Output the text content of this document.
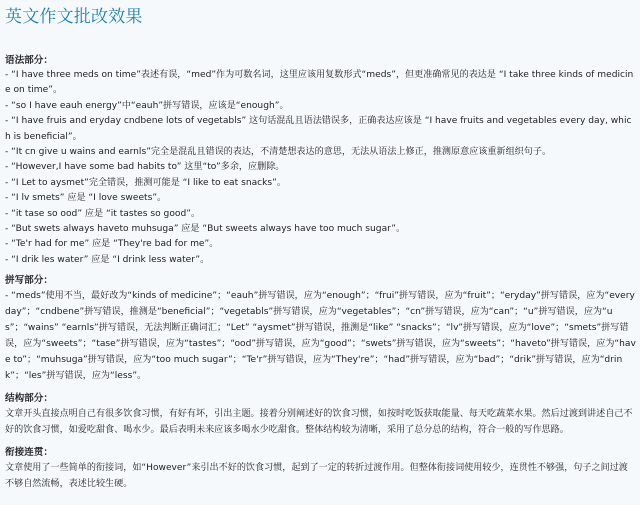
英文作文批改效果

语法部分：

- “I have three meds on time”表述有误，“med”作为可数名词，这里应该用复数形式“meds”，但更准确常见的表达是 “I take three kinds of medicine on time”。
- “so I have eauh energy”中“eauh”拼写错误，应该是“enough”。
- “I have fruis and eryday cndbene lots of vegetabls” 这句话混乱且语法错误多，正确表达应该是 “I have fruits and vegetables every day, which is beneficial”。
- “It cn give u wains and earnls”完全是混乱且错误的表达，不清楚想表达的意思，无法从语法上修正，推测原意应该重新组织句子。
- “However,I have some bad habits to” 这里“to”多余，应删除。
- “I Let to aysmet”完全错误，推测可能是 “I like to eat snacks”。
- “I lv smets” 应是 “I love sweets”。
- “it tase so ood” 应是 “it tastes so good”。
- “But swets always haveto muhsuga” 应是 “But sweets always have too much sugar”。
- “Te'r had for me” 应是 “They're bad for me”。
- “I drik les water” 应是 “I drink less water”。

拼写部分：

- “meds”使用不当，最好改为“kinds of medicine”；“eauh”拼写错误，应为“enough”；“frui”拼写错误，应为“fruit”；“eryday”拼写错误，应为“every day”；“cndbene”拼写错误，推测是“beneficial”；“vegetabls”拼写错误，应为“vegetables”；“cn”拼写错误，应为“can”；“u”拼写错误，应为“us”；“wains” “earnls”拼写错误，无法判断正确词汇；“Let” “aysmet”拼写错误，推测是“like” “snacks”；“lv”拼写错误，应为“love”；“smets”拼写错误，应为“sweets”；“tase”拼写错误，应为“tastes”；“ood”拼写错误，应为“good”；“swets”拼写错误，应为“sweets”；“haveto”拼写错误，应为“have to”；“muhsuga”拼写错误，应为“too much sugar”；“Te'r”拼写错误，应为“They're”；“had”拼写错误，应为“bad”；“drik”拼写错误，应为“drink”；“les”拼写错误，应为“less”。

结构部分：

文章开头直接点明自己有很多饮食习惯，有好有坏，引出主题。接着分别阐述好的饮食习惯，如按时吃饭获取能量、每天吃蔬菜水果。然后过渡到讲述自己不好的饮食习惯，如爱吃甜食、喝水少。最后表明未来应该多喝水少吃甜食。整体结构较为清晰，采用了总分总的结构，符合一般的写作思路。

衔接连贯：

文章使用了一些简单的衔接词，如“However”来引出不好的饮食习惯，起到了一定的转折过渡作用。但整体衔接词使用较少，连贯性不够强，句子之间过渡不够自然流畅，表述比较生硬。
